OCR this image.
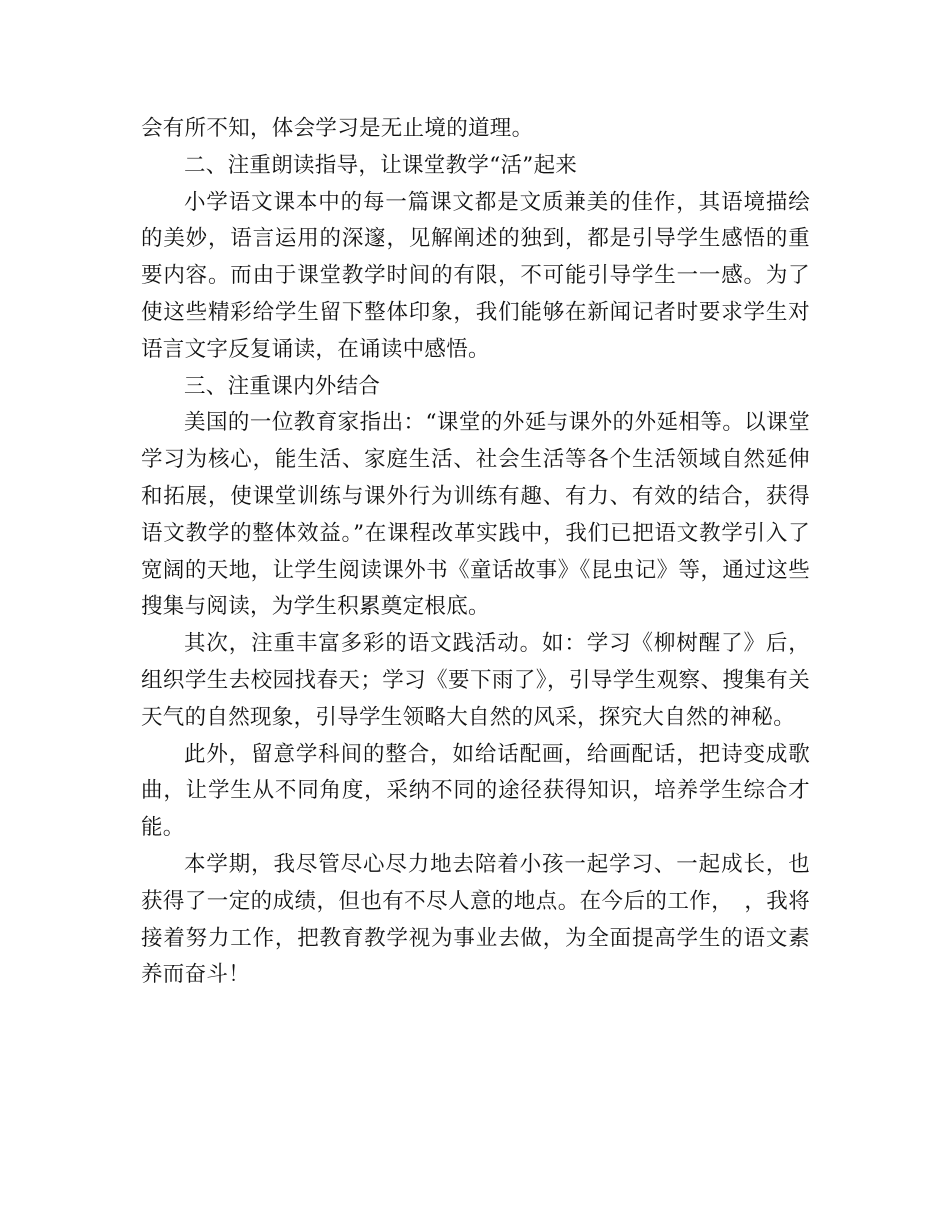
会有所不知，体会学习是无止境的道理。

二、注重朗读指导，让课堂教学“活”起来

小学语文课本中的每一篇课文都是文质兼美的佳作，其语境描绘的美妙，语言运用的深邃，见解阐述的独到，都是引导学生感悟的重要内容。而由于课堂教学时间的有限，不可能引导学生一一感。为了使这些精彩给学生留下整体印象，我们能够在新闻记者时要求学生对语言文字反复诵读，在诵读中感悟。

三、注重课内外结合

美国的一位教育家指出：“课堂的外延与课外的外延相等。以课堂学习为核心，能生活、家庭生活、社会生活等各个生活领域自然延伸和拓展，使课堂训练与课外行为训练有趣、有力、有效的结合，获得语文教学的整体效益。”在课程改革实践中，我们已把语文教学引入了宽阔的天地，让学生阅读课外书《童话故事》《昆虫记》等，通过这些搜集与阅读，为学生积累奠定根底。

其次，注重丰富多彩的语文践活动。如：学习《柳树醒了》后，组织学生去校园找春天；学习《要下雨了》，引导学生观察、搜集有关天气的自然现象，引导学生领略大自然的风采，探究大自然的神秘。

此外，留意学科间的整合，如给话配画，给画配话，把诗变成歌曲，让学生从不同角度，采纳不同的途径获得知识，培养学生综合才能。

本学期，我尽管尽心尽力地去陪着小孩一起学习、一起成长，也获得了一定的成绩，但也有不尽人意的地点。在今后的工作，　，我将接着努力工作，把教育教学视为事业去做，为全面提高学生的语文素养而奋斗！
